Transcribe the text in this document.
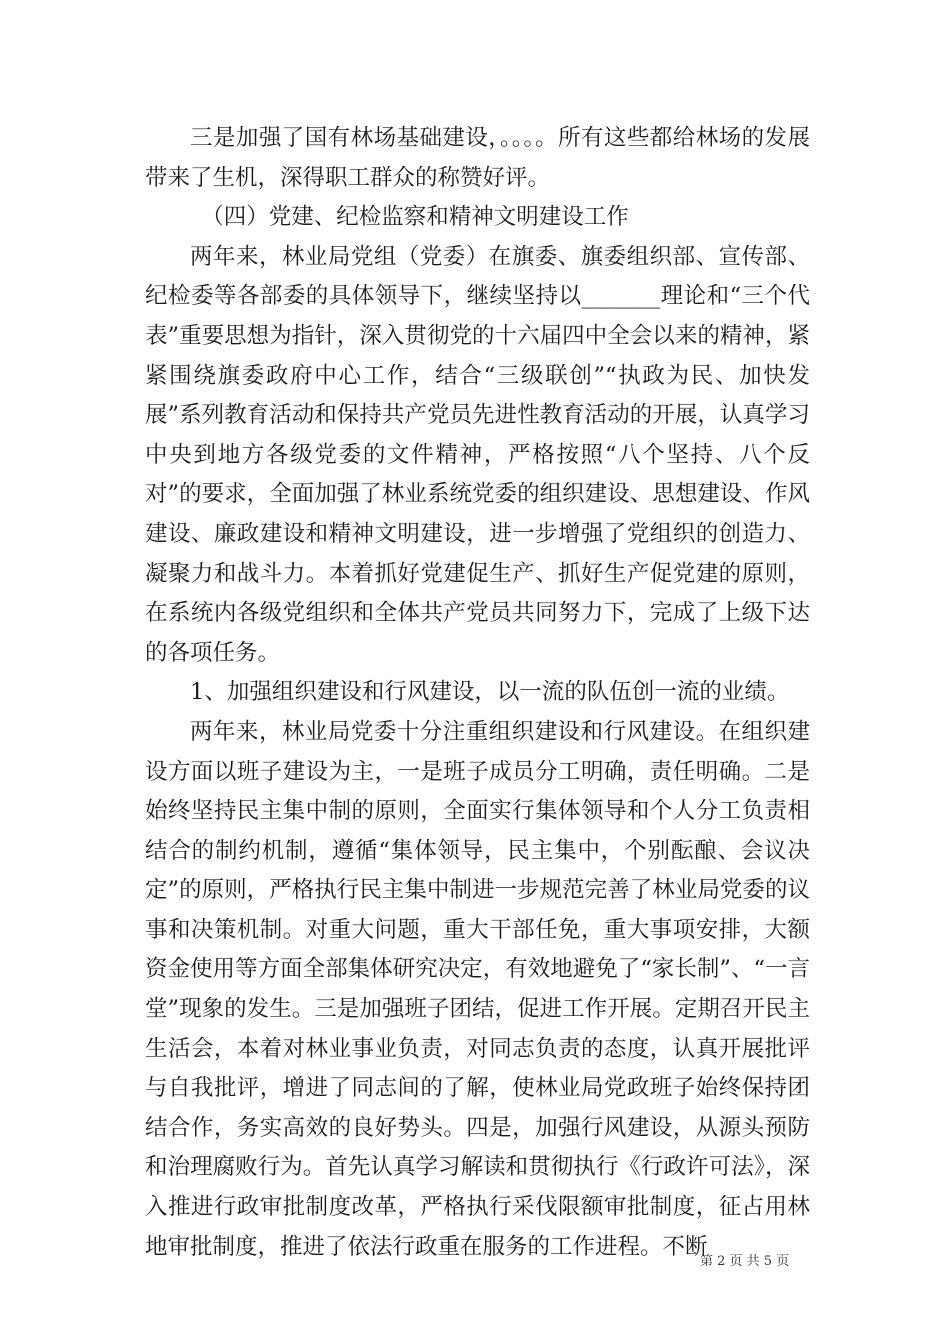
三是加强了国有林场基础建设，。。。。所有这些都给林场的发展带来了生机，深得职工群众的称赞好评。

（四）党建、纪检监察和精神文明建设工作

两年来，林业局党组（党委）在旗委、旗委组织部、宣传部、纪检委等各部委的具体领导下，继续坚持以_______理论和“三个代表”重要思想为指针，深入贯彻党的十六届四中全会以来的精神，紧紧围绕旗委政府中心工作，结合“三级联创”“执政为民、加快发展”系列教育活动和保持共产党员先进性教育活动的开展，认真学习中央到地方各级党委的文件精神，严格按照“八个坚持、八个反对”的要求，全面加强了林业系统党委的组织建设、思想建设、作风建设、廉政建设和精神文明建设，进一步增强了党组织的创造力、凝聚力和战斗力。本着抓好党建促生产、抓好生产促党建的原则，在系统内各级党组织和全体共产党员共同努力下，完成了上级下达的各项任务。

1、加强组织建设和行风建设，以一流的队伍创一流的业绩。

两年来，林业局党委十分注重组织建设和行风建设。在组织建设方面以班子建设为主，一是班子成员分工明确，责任明确。二是始终坚持民主集中制的原则，全面实行集体领导和个人分工负责相结合的制约机制，遵循“集体领导，民主集中，个别酝酿、会议决定”的原则，严格执行民主集中制进一步规范完善了林业局党委的议事和决策机制。对重大问题，重大干部任免，重大事项安排，大额资金使用等方面全部集体研究决定，有效地避免了“家长制”、“一言堂”现象的发生。三是加强班子团结，促进工作开展。定期召开民主生活会，本着对林业事业负责，对同志负责的态度，认真开展批评与自我批评，增进了同志间的了解，使林业局党政班子始终保持团结合作，务实高效的良好势头。四是，加强行风建设，从源头预防和治理腐败行为。首先认真学习解读和贯彻执行《行政许可法》，深入推进行政审批制度改革，严格执行采伐限额审批制度，征占用林地审批制度，推进了依法行政重在服务的工作进程。不断

第 2 页 共 5 页
